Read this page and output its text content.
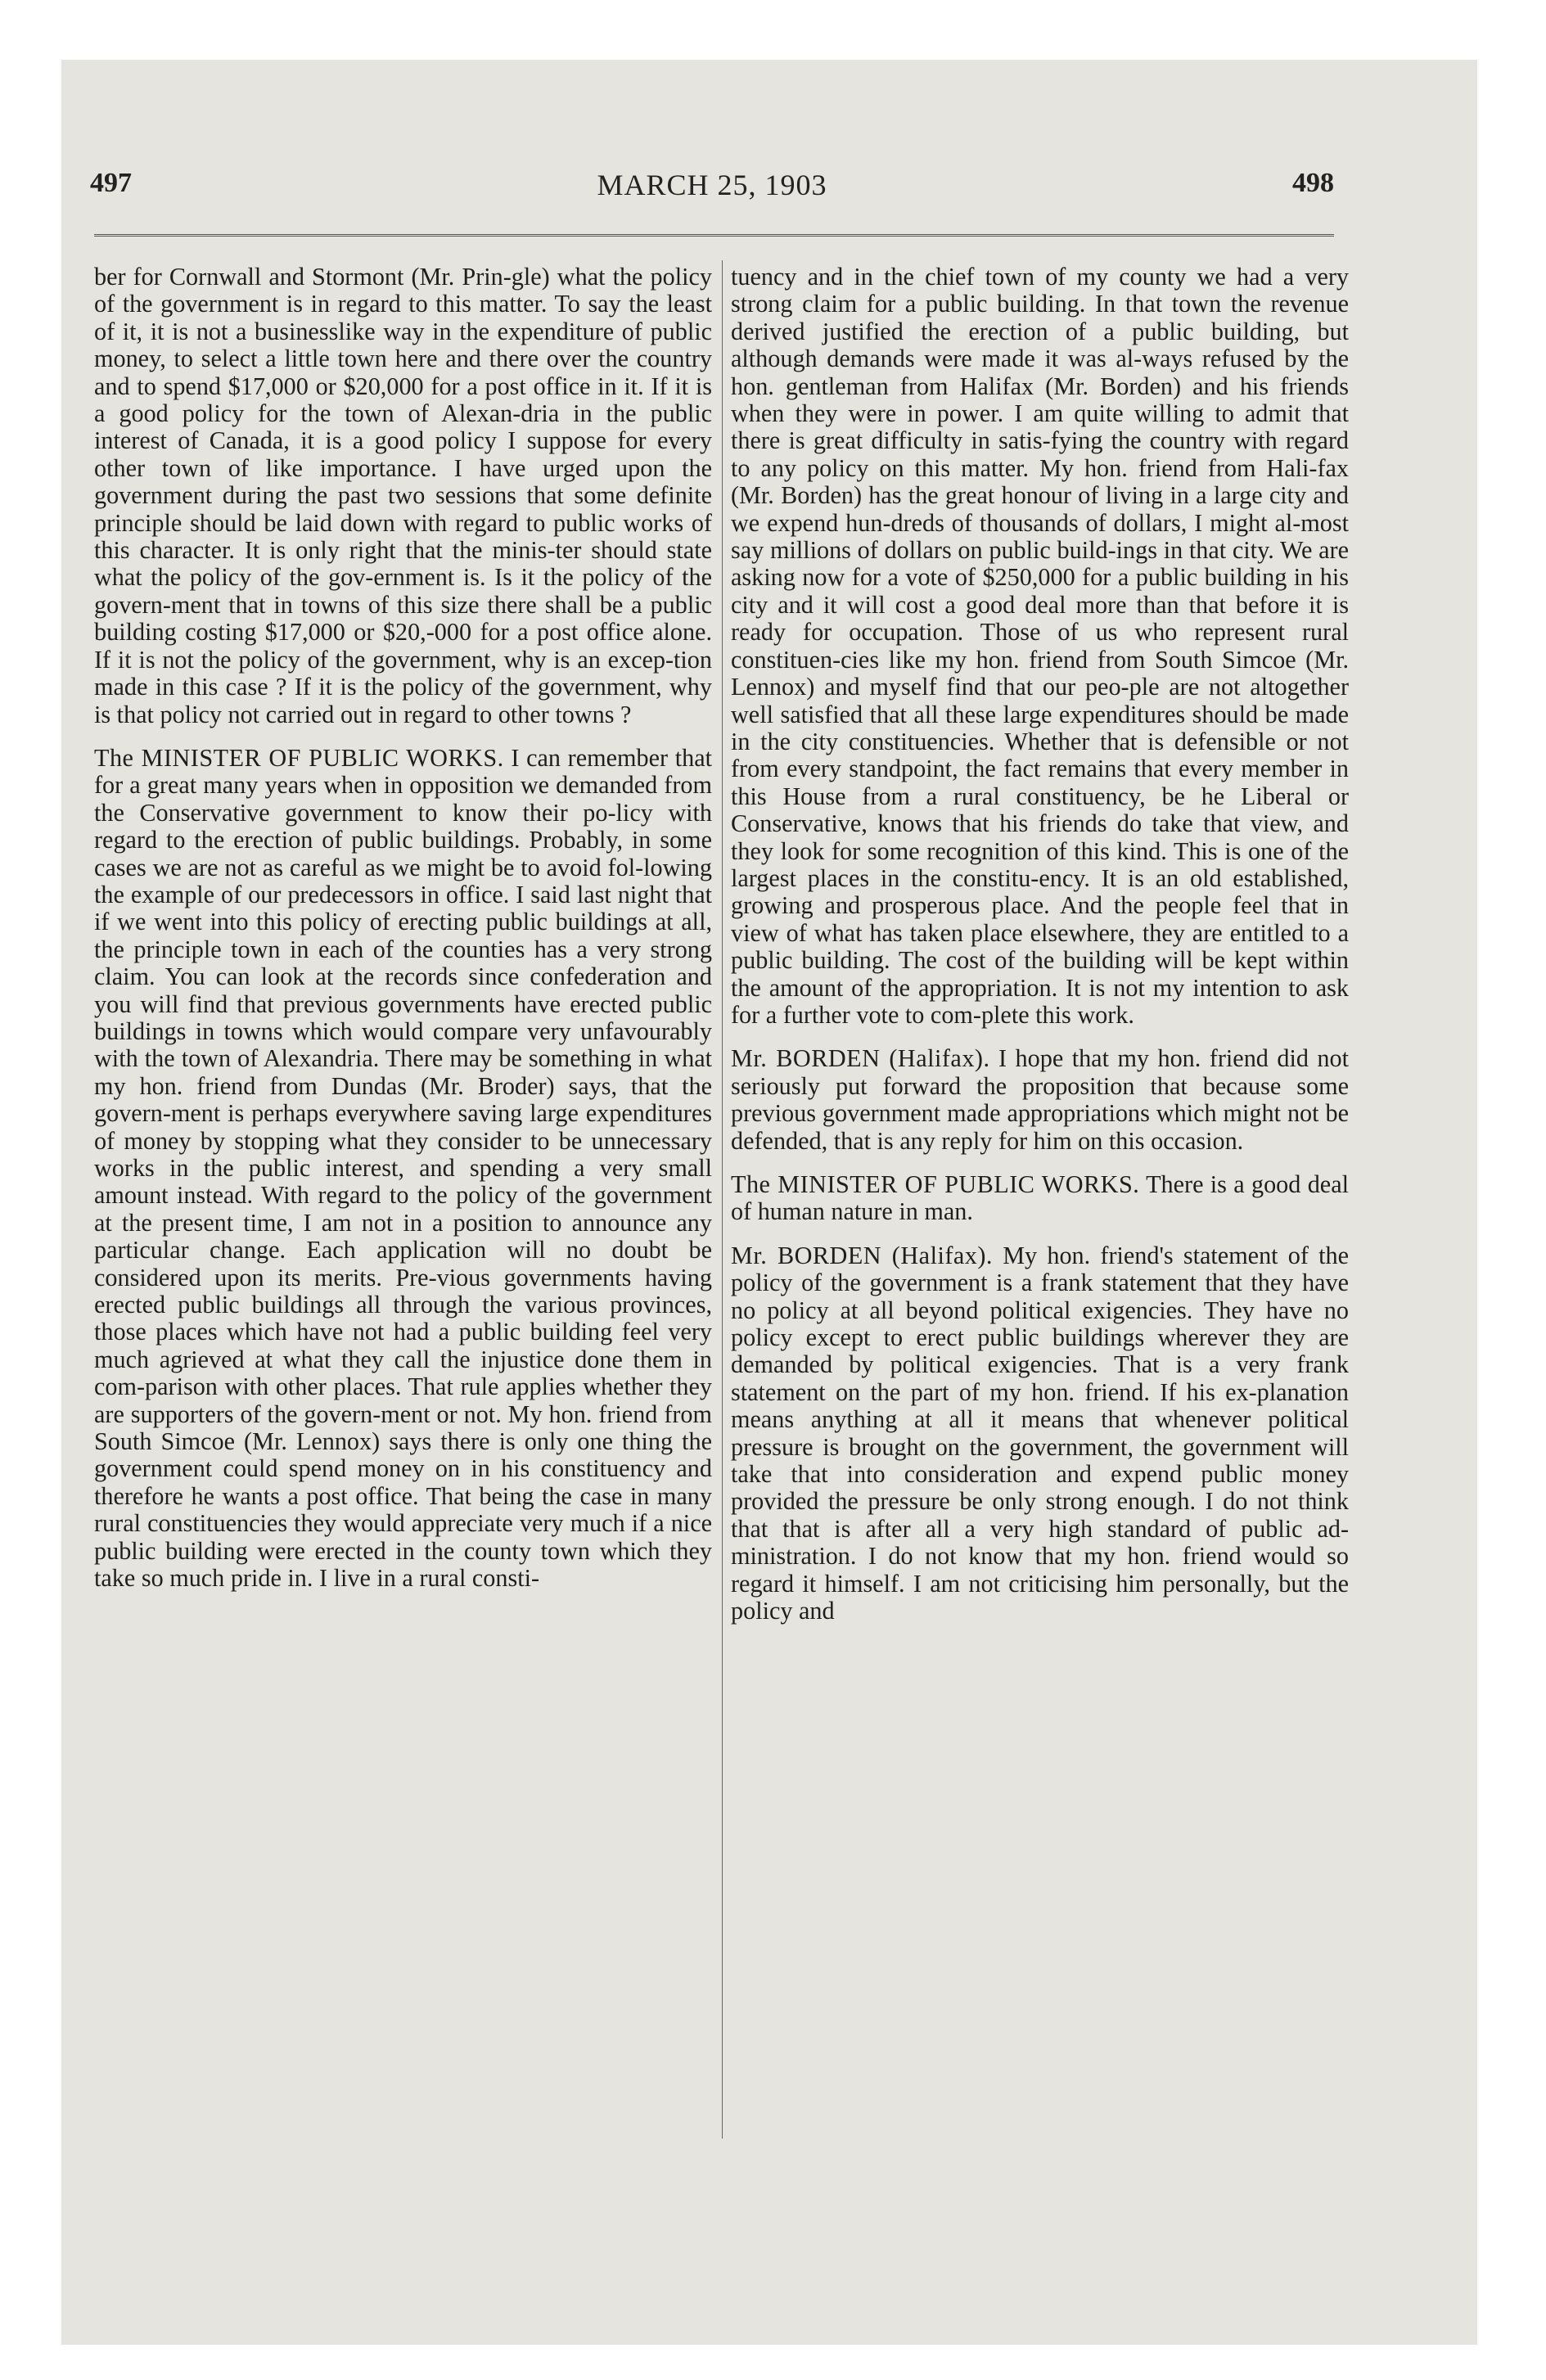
497	MARCH 25, 1903	498

ber for Cornwall and Stormont (Mr. Prin-gle) what the policy of the government is in regard to this matter. To say the least of it, it is not a businesslike way in the expenditure of public money, to select a little town here and there over the country and to spend $17,000 or $20,000 for a post office in it. If it is a good policy for the town of Alexan-dria in the public interest of Canada, it is a good policy I suppose for every other town of like importance. I have urged upon the government during the past two sessions that some definite principle should be laid down with regard to public works of this character. It is only right that the minis-ter should state what the policy of the gov-ernment is. Is it the policy of the govern-ment that in towns of this size there shall be a public building costing $17,000 or $20,-000 for a post office alone. If it is not the policy of the government, why is an excep-tion made in this case ? If it is the policy of the government, why is that policy not carried out in regard to other towns ?

The MINISTER OF PUBLIC WORKS. I can remember that for a great many years when in opposition we demanded from the Conservative government to know their po-licy with regard to the erection of public buildings. Probably, in some cases we are not as careful as we might be to avoid fol-lowing the example of our predecessors in office. I said last night that if we went into this policy of erecting public buildings at all, the principle town in each of the counties has a very strong claim. You can look at the records since confederation and you will find that previous governments have erected public buildings in towns which would compare very unfavourably with the town of Alexandria. There may be something in what my hon. friend from Dundas (Mr. Broder) says, that the govern-ment is perhaps everywhere saving large expenditures of money by stopping what they consider to be unnecessary works in the public interest, and spending a very small amount instead. With regard to the policy of the government at the present time, I am not in a position to announce any particular change. Each application will no doubt be considered upon its merits. Pre-vious governments having erected public buildings all through the various provinces, those places which have not had a public building feel very much agrieved at what they call the injustice done them in com-parison with other places. That rule applies whether they are supporters of the govern-ment or not. My hon. friend from South Simcoe (Mr. Lennox) says there is only one thing the government could spend money on in his constituency and therefore he wants a post office. That being the case in many rural constituencies they would appreciate very much if a nice public building were erected in the county town which they take so much pride in. I live in a rural consti-

tuency and in the chief town of my county we had a very strong claim for a public building. In that town the revenue derived justified the erection of a public building, but although demands were made it was al-ways refused by the hon. gentleman from Halifax (Mr. Borden) and his friends when they were in power. I am quite willing to admit that there is great difficulty in satis-fying the country with regard to any policy on this matter. My hon. friend from Hali-fax (Mr. Borden) has the great honour of living in a large city and we expend hun-dreds of thousands of dollars, I might al-most say millions of dollars on public build-ings in that city. We are asking now for a vote of $250,000 for a public building in his city and it will cost a good deal more than that before it is ready for occupation. Those of us who represent rural constituen-cies like my hon. friend from South Simcoe (Mr. Lennox) and myself find that our peo-ple are not altogether well satisfied that all these large expenditures should be made in the city constituencies. Whether that is defensible or not from every standpoint, the fact remains that every member in this House from a rural constituency, be he Liberal or Conservative, knows that his friends do take that view, and they look for some recognition of this kind. This is one of the largest places in the constitu-ency. It is an old established, growing and prosperous place. And the people feel that in view of what has taken place elsewhere, they are entitled to a public building. The cost of the building will be kept within the amount of the appropriation. It is not my intention to ask for a further vote to com-plete this work.

Mr. BORDEN (Halifax). I hope that my hon. friend did not seriously put forward the proposition that because some previous government made appropriations which might not be defended, that is any reply for him on this occasion.

The MINISTER OF PUBLIC WORKS. There is a good deal of human nature in man.

Mr. BORDEN (Halifax). My hon. friend's statement of the policy of the government is a frank statement that they have no policy at all beyond political exigencies. They have no policy except to erect public buildings wherever they are demanded by political exigencies. That is a very frank statement on the part of my hon. friend. If his ex-planation means anything at all it means that whenever political pressure is brought on the government, the government will take that into consideration and expend public money provided the pressure be only strong enough. I do not think that that is after all a very high standard of public ad-ministration. I do not know that my hon. friend would so regard it himself. I am not criticising him personally, but the policy and
